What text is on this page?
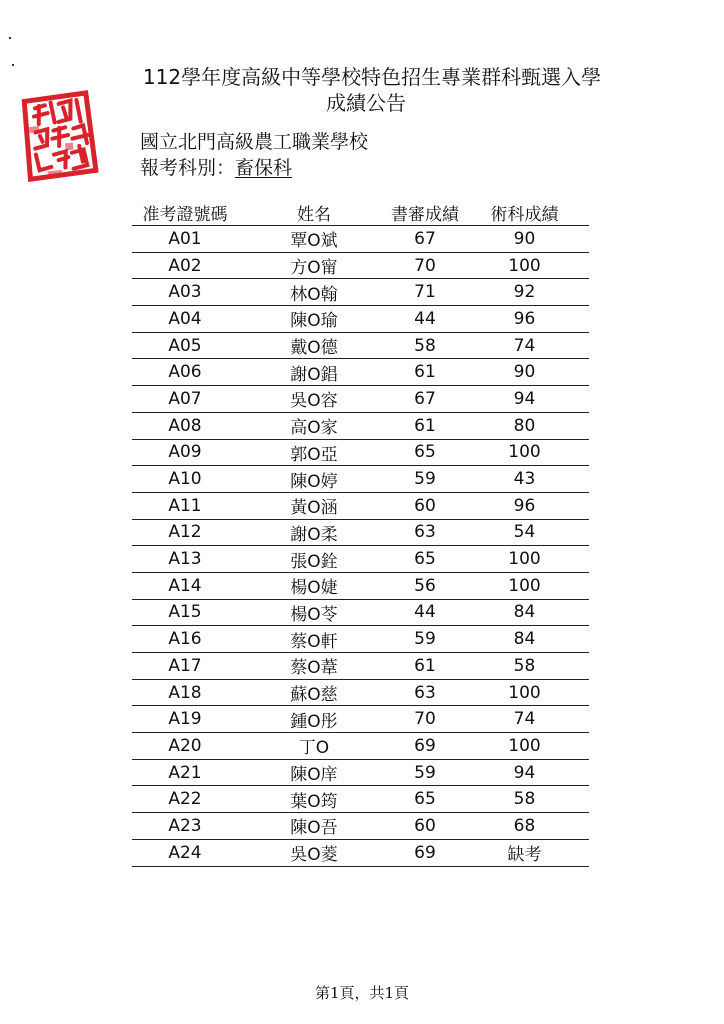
112學年度高級中等學校特色招生專業群科甄選入學
成績公告
國立北門高級農工職業學校
報考科別：畜保科
准考證號碼	姓名	書審成績	術科成績
A01	覃O斌	67	90
A02	方O甯	70	100
A03	林O翰	71	92
A04	陳O瑜	44	96
A05	戴O德	58	74
A06	謝O錩	61	90
A07	吳O容	67	94
A08	高O家	61	80
A09	郭O亞	65	100
A10	陳O婷	59	43
A11	黃O涵	60	96
A12	謝O柔	63	54
A13	張O銓	65	100
A14	楊O婕	56	100
A15	楊O苓	44	84
A16	蔡O軒	59	84
A17	蔡O葦	61	58
A18	蘇O慈	63	100
A19	鍾O彤	70	74
A20	丁O	69	100
A21	陳O庠	59	94
A22	葉O筠	65	58
A23	陳O吾	60	68
A24	吳O菱	69	缺考
第1頁，共1頁
